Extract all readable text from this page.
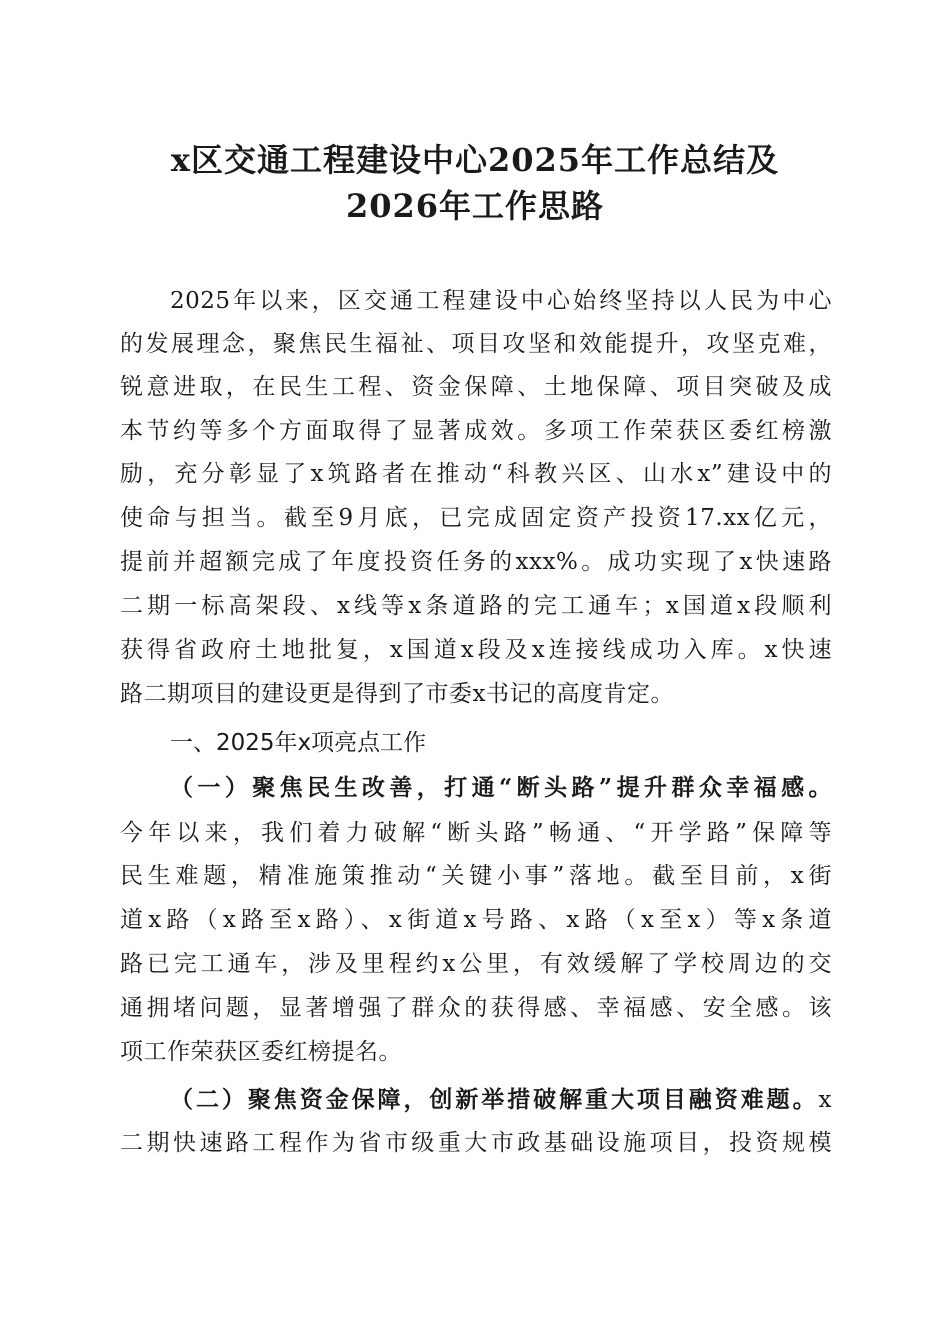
x区交通工程建设中心2025年工作总结及
2026年工作思路
2025年以来，区交通工程建设中心始终坚持以人民为中心
的发展理念，聚焦民生福祉、项目攻坚和效能提升，攻坚克难，
锐意进取，在民生工程、资金保障、土地保障、项目突破及成
本节约等多个方面取得了显著成效。多项工作荣获区委红榜激
励，充分彰显了x筑路者在推动“科教兴区、山水x”建设中的
使命与担当。截至9月底，已完成固定资产投资17.xx亿元，
提前并超额完成了年度投资任务的xxx%。成功实现了x快速路
二期一标高架段、x线等x条道路的完工通车；x国道x段顺利
获得省政府土地批复，x国道x段及x连接线成功入库。x快速
路二期项目的建设更是得到了市委x书记的高度肯定。
一、2025年x项亮点工作
（一）聚焦民生改善，打通“断头路”提升群众幸福感。
今年以来，我们着力破解“断头路”畅通、“开学路”保障等
民生难题，精准施策推动“关键小事”落地。截至目前，x街
道x路（x路至x路）、x街道x号路、x路（x至x）等x条道
路已完工通车，涉及里程约x公里，有效缓解了学校周边的交
通拥堵问题，显著增强了群众的获得感、幸福感、安全感。该
项工作荣获区委红榜提名。
（二）聚焦资金保障，创新举措破解重大项目融资难题。x
二期快速路工程作为省市级重大市政基础设施项目，投资规模
